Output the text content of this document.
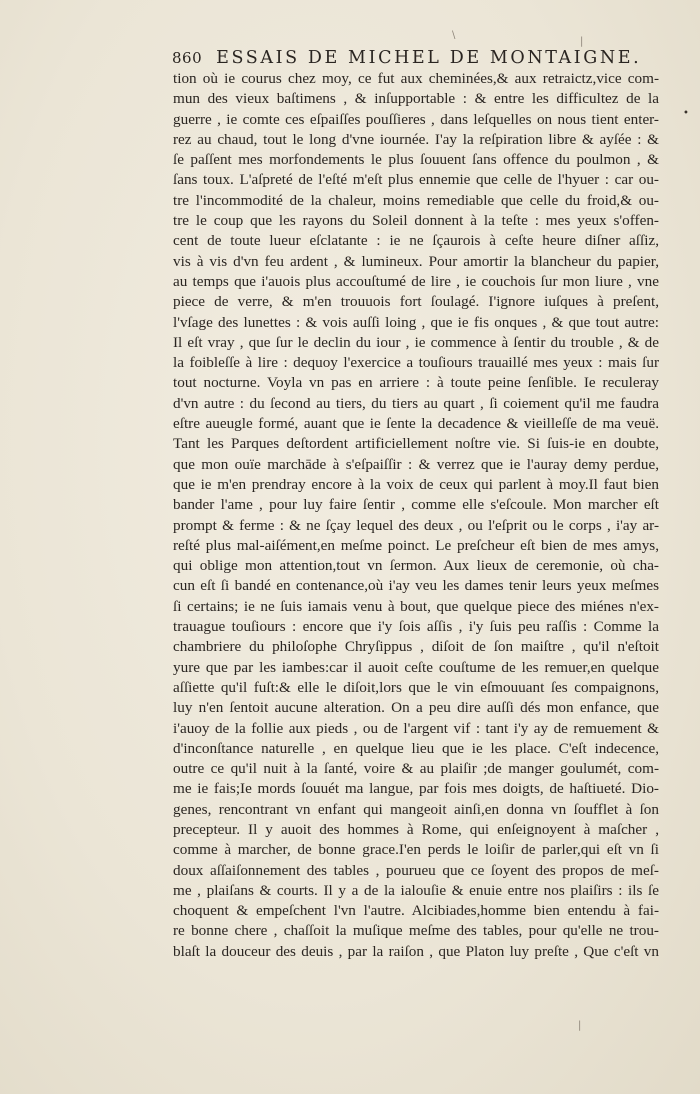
\
|
•
|
860 ESSAIS DE MICHEL DE MONTAIGNE.
tion où ie courus chez moy, ce fut aux cheminées,& aux retraictz,vice com-
mun des vieux baſtimens , & inſupportable : & entre les difficultez de la
guerre , ie comte ces eſpaiſſes pouſſieres , dans leſquelles on nous tient enter-
rez au chaud, tout le long d'vne iournée. I'ay la reſpiration libre & ayſée : &
ſe paſſent mes morfondements le plus ſouuent ſans offence du poulmon , &
ſans toux. L'aſpreté de l'eſté m'eſt plus ennemie que celle de l'hyuer : car ou-
tre l'incommodité de la chaleur, moins remediable que celle du froid,& ou-
tre le coup que les rayons du Soleil donnent à la teſte : mes yeux s'offen-
cent de toute lueur eſclatante : ie ne ſçaurois à ceſte heure diſner aſſiz,
vis à vis d'vn feu ardent , & lumineux. Pour amortir la blancheur du papier,
au temps que i'auois plus accouſtumé de lire , ie couchois ſur mon liure , vne
piece de verre, & m'en trouuois fort ſoulagé. I'ignore iuſques à preſent,
l'vſage des lunettes : & vois auſſi loing , que ie fis onques , & que tout autre:
Il eſt vray , que ſur le declin du iour , ie commence à ſentir du trouble , & de
la foibleſſe à lire : dequoy l'exercice a touſiours trauaillé mes yeux : mais ſur
tout nocturne. Voyla vn pas en arriere : à toute peine ſenſible. Ie reculeray
d'vn autre : du ſecond au tiers, du tiers au quart , ſi coiement qu'il me faudra
eſtre aueugle formé, auant que ie ſente la decadence & vieilleſſe de ma veuë.
Tant les Parques deſtordent artificiellement noſtre vie. Si ſuis-ie en doubte,
que mon ouïe marchāde à s'eſpaiſſir : & verrez que ie l'auray demy perdue,
que ie m'en prendray encore à la voix de ceux qui parlent à moy.Il faut bien
bander l'ame , pour luy faire ſentir , comme elle s'eſcoule. Mon marcher eſt
prompt & ferme : & ne ſçay lequel des deux , ou l'eſprit ou le corps , i'ay ar-
reſté plus mal-aiſément,en meſme poinct. Le preſcheur eſt bien de mes amys,
qui oblige mon attention,tout vn ſermon. Aux lieux de ceremonie, où cha-
cun eſt ſi bandé en contenance,où i'ay veu les dames tenir leurs yeux meſmes
ſi certains; ie ne ſuis iamais venu à bout, que quelque piece des miénes n'ex-
trauague touſiours : encore que i'y ſois aſſis , i'y ſuis peu raſſis : Comme la
chambriere du philoſophe Chryſippus , diſoit de ſon maiſtre , qu'il n'eſtoit
yure que par les iambes:car il auoit ceſte couſtume de les remuer,en quelque
aſſiette qu'il fuſt:& elle le diſoit,lors que le vin eſmouuant ſes compaignons,
luy n'en ſentoit aucune alteration. On a peu dire auſſi dés mon enfance, que
i'auoy de la follie aux pieds , ou de l'argent vif : tant i'y ay de remuement &
d'inconſtance naturelle , en quelque lieu que ie les place. C'eſt indecence,
outre ce qu'il nuit à la ſanté, voire & au plaiſir ;de manger goulumét, com-
me ie fais;Ie mords ſouuét ma langue, par fois mes doigts, de haſtiueté. Dio-
genes, rencontrant vn enfant qui mangeoit ainſi,en donna vn ſoufflet à ſon
precepteur. Il y auoit des hommes à Rome, qui enſeignoyent à maſcher ,
comme à marcher, de bonne grace.I'en perds le loiſir de parler,qui eſt vn ſi
doux aſſaiſonnement des tables , pourueu que ce ſoyent des propos de meſ-
me , plaiſans & courts. Il y a de la ialouſie & enuie entre nos plaiſirs : ils ſe
choquent & empeſchent l'vn l'autre. Alcibiades,homme bien entendu à fai-
re bonne chere , chaſſoit la muſique meſme des tables, pour qu'elle ne trou-
blaſt la douceur des deuis , par la raiſon , que Platon luy preſte , Que c'eſt vn
